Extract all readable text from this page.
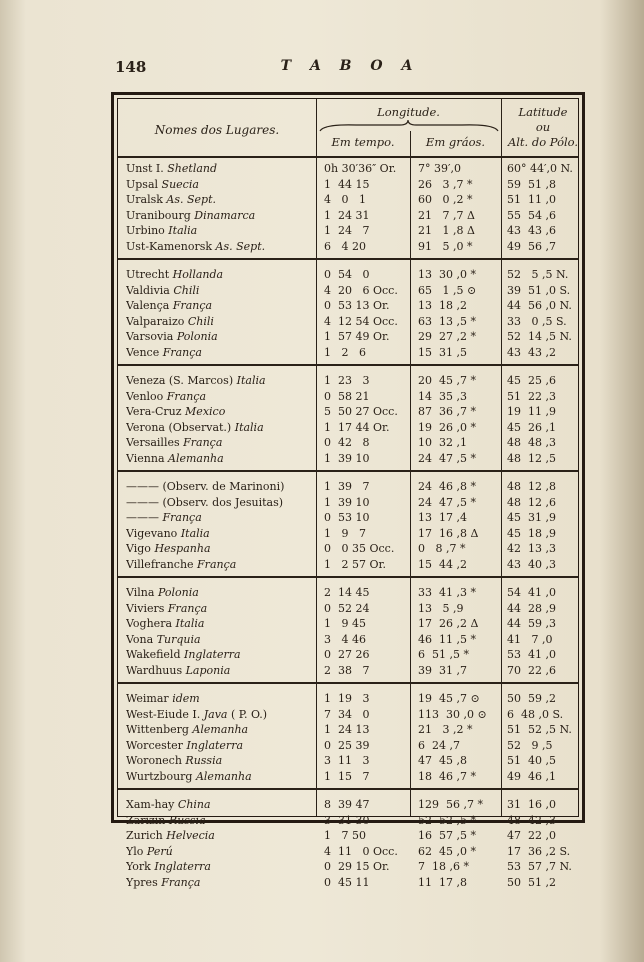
148	T A B O A
Nomes dos Lugares.
Longitude.
Em tempo.	Em gráos.
Latitude
ou
Alt. do Pólo.
Unst I. Shetland	0h 30′36″ Or.	7° 39′,0	60° 44′,0 N.
Upsal Suecia	1  44 15	26   3 ,7 *	59  51 ,8
Uralsk As. Sept.	4   0   1	60   0 ,2 *	51  11 ,0
Uranibourg Dinamarca	1  24 31	21   7 ,7 Δ	55  54 ,6
Urbino Italia	1  24   7	21   1 ,8 Δ	43  43 ,6
Ust-Kamenorsk As. Sept.	6   4 20	91   5 ,0 *	49  56 ,7
Utrecht Hollanda	0  54   0	13  30 ,0 *	52   5 ,5 N.
Valdivia Chili	4  20   6 Occ.	65   1 ,5 ⊙	39  51 ,0 S.
Valença França	0  53 13 Or.	13  18 ,2	44  56 ,0 N.
Valparaizo Chili	4  12 54 Occ.	63  13 ,5 *	33   0 ,5 S.
Varsovia Polonia	1  57 49 Or.	29  27 ,2 *	52  14 ,5 N.
Vence França	1   2   6	15  31 ,5	43  43 ,2
Veneza (S. Marcos) Italia	1  23   3	20  45 ,7 *	45  25 ,6
Venloo França	0  58 21	14  35 ,3	51  22 ,3
Vera-Cruz Mexico	5  50 27 Occ.	87  36 ,7 *	19  11 ,9
Verona (Observat.) Italia	1  17 44 Or.	19  26 ,0 *	45  26 ,1
Versailles França	0  42   8	10  32 ,1	48  48 ,3
Vienna Alemanha	1  39 10	24  47 ,5 *	48  12 ,5
——— (Observ. de Marinoni)	1  39   7	24  46 ,8 *	48  12 ,8
——— (Observ. dos Jesuitas)	1  39 10	24  47 ,5 *	48  12 ,6
——— França	0  53 10	13  17 ,4	45  31 ,9
Vigevano Italia	1   9   7	17  16 ,8 Δ	45  18 ,9
Vigo Hespanha	0   0 35 Occ.	0   8 ,7 *	42  13 ,3
Villefranche França	1   2 57 Or.	15  44 ,2	43  40 ,3
Vilna Polonia	2  14 45	33  41 ,3 *	54  41 ,0
Viviers França	0  52 24	13   5 ,9	44  28 ,9
Voghera Italia	1   9 45	17  26 ,2 Δ	44  59 ,3
Vona Turquia	3   4 46	46  11 ,5 *	41   7 ,0
Wakefield Inglaterra	0  27 26	6  51 ,5 *	53  41 ,0
Wardhuus Laponia	2  38   7	39  31 ,7	70  22 ,6
Weimar idem	1  19   3	19  45 ,7 ⊙	50  59 ,2
West-Eiude I. Java ( P. O.)	7  34   0	113  30 ,0 ⊙	6  48 ,0 S.
Wittenberg Alemanha	1  24 13	21   3 ,2 *	51  52 ,5 N.
Worcester Inglaterra	0  25 39	6  24 ,7	52   9 ,5
Woronech Russia	3  11   3	47  45 ,8	51  40 ,5
Wurtzbourg Alemanha	1  15   7	18  46 ,7 *	49  46 ,1
Xam-hay China	8  39 47	129  56 ,7 *	31  16 ,0
Zarizin Russia	3  31 30	52  52 ,5 *	48  42 ,3
Zurich Helvecia	1   7 50	16  57 ,5 *	47  22 ,0
Ylo Perú	4  11   0 Occ.	62  45 ,0 *	17  36 ,2 S.
York Inglaterra	0  29 15 Or.	7  18 ,6 *	53  57 ,7 N.
Ypres França	0  45 11	11  17 ,8	50  51 ,2
